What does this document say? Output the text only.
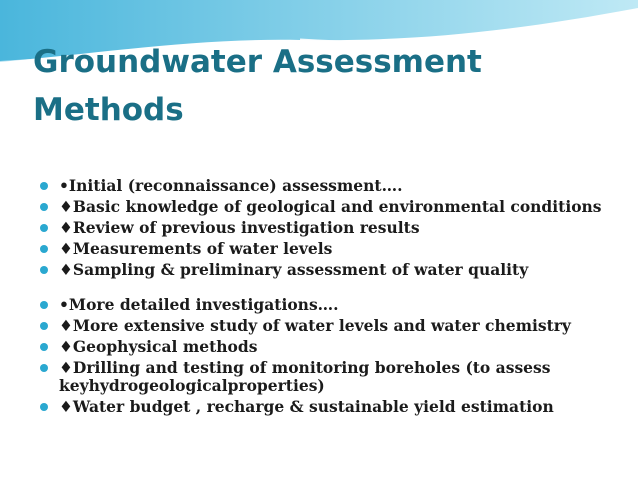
Groundwater Assessment
Methods
•Initial (reconnaissance) assessment….
♦Basic knowledge of geological and environmental conditions
♦Review of previous investigation results
♦Measurements of water levels
♦Sampling & preliminary assessment of water quality
•More detailed investigations….
♦More extensive study of water levels and water chemistry
♦Geophysical methods
♦Drilling and testing of monitoring boreholes (to assess keyhydrogeologicalproperties)
♦Water budget , recharge & sustainable yield estimation
